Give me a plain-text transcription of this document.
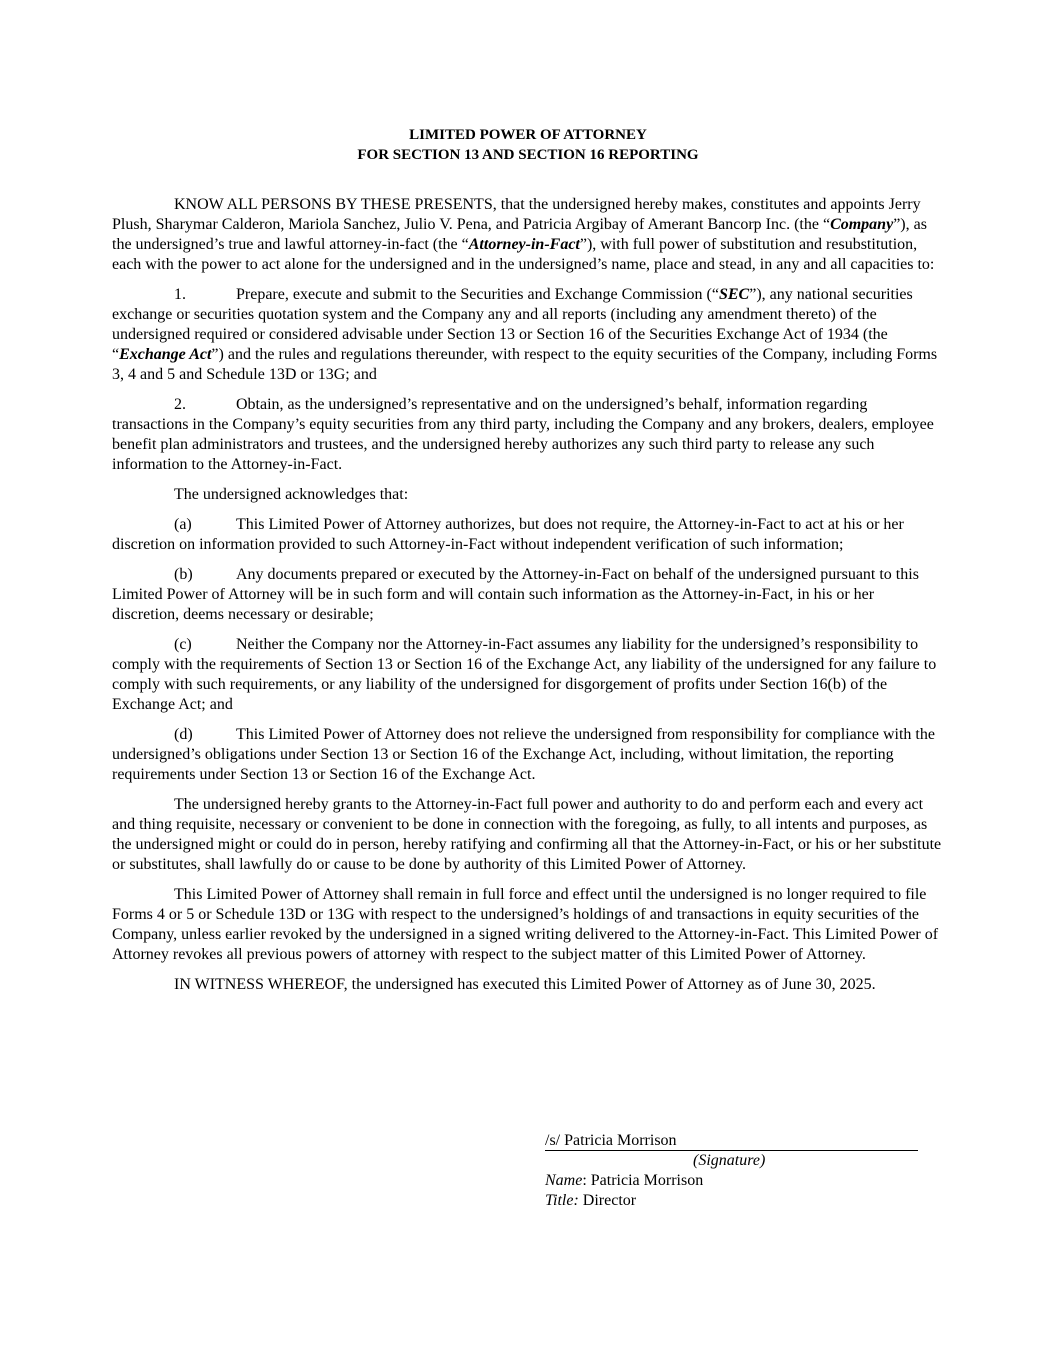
LIMITED POWER OF ATTORNEY
FOR SECTION 13 AND SECTION 16 REPORTING

KNOW ALL PERSONS BY THESE PRESENTS, that the undersigned hereby makes, constitutes and appoints Jerry Plush, Sharymar Calderon, Mariola Sanchez, Julio V. Pena, and Patricia Argibay of Amerant Bancorp Inc. (the “Company”), as the undersigned’s true and lawful attorney-in-fact (the “Attorney-in-Fact”), with full power of substitution and resubstitution, each with the power to act alone for the undersigned and in the undersigned’s name, place and stead, in any and all capacities to:

1.	Prepare, execute and submit to the Securities and Exchange Commission (“SEC”), any national securities exchange or securities quotation system and the Company any and all reports (including any amendment thereto) of the undersigned required or considered advisable under Section 13 or Section 16 of the Securities Exchange Act of 1934 (the “Exchange Act”) and the rules and regulations thereunder, with respect to the equity securities of the Company, including Forms 3, 4 and 5 and Schedule 13D or 13G; and

2.	Obtain, as the undersigned’s representative and on the undersigned’s behalf, information regarding transactions in the Company’s equity securities from any third party, including the Company and any brokers, dealers, employee benefit plan administrators and trustees, and the undersigned hereby authorizes any such third party to release any such information to the Attorney-in-Fact.

The undersigned acknowledges that:

(a)	This Limited Power of Attorney authorizes, but does not require, the Attorney-in-Fact to act at his or her discretion on information provided to such Attorney-in-Fact without independent verification of such information;

(b)	Any documents prepared or executed by the Attorney-in-Fact on behalf of the undersigned pursuant to this Limited Power of Attorney will be in such form and will contain such information as the Attorney-in-Fact, in his or her discretion, deems necessary or desirable;

(c)	Neither the Company nor the Attorney-in-Fact assumes any liability for the undersigned’s responsibility to comply with the requirements of Section 13 or Section 16 of the Exchange Act, any liability of the undersigned for any failure to comply with such requirements, or any liability of the undersigned for disgorgement of profits under Section 16(b) of the Exchange Act; and

(d)	This Limited Power of Attorney does not relieve the undersigned from responsibility for compliance with the undersigned’s obligations under Section 13 or Section 16 of the Exchange Act, including, without limitation, the reporting requirements under Section 13 or Section 16 of the Exchange Act.

The undersigned hereby grants to the Attorney-in-Fact full power and authority to do and perform each and every act and thing requisite, necessary or convenient to be done in connection with the foregoing, as fully, to all intents and purposes, as the undersigned might or could do in person, hereby ratifying and confirming all that the Attorney-in-Fact, or his or her substitute or substitutes, shall lawfully do or cause to be done by authority of this Limited Power of Attorney.

This Limited Power of Attorney shall remain in full force and effect until the undersigned is no longer required to file Forms 4 or 5 or Schedule 13D or 13G with respect to the undersigned’s holdings of and transactions in equity securities of the Company, unless earlier revoked by the undersigned in a signed writing delivered to the Attorney-in-Fact. This Limited Power of Attorney revokes all previous powers of attorney with respect to the subject matter of this Limited Power of Attorney.

IN WITNESS WHEREOF, the undersigned has executed this Limited Power of Attorney as of June 30, 2025.

/s/ Patricia Morrison
(Signature)
Name: Patricia Morrison
Title: Director
